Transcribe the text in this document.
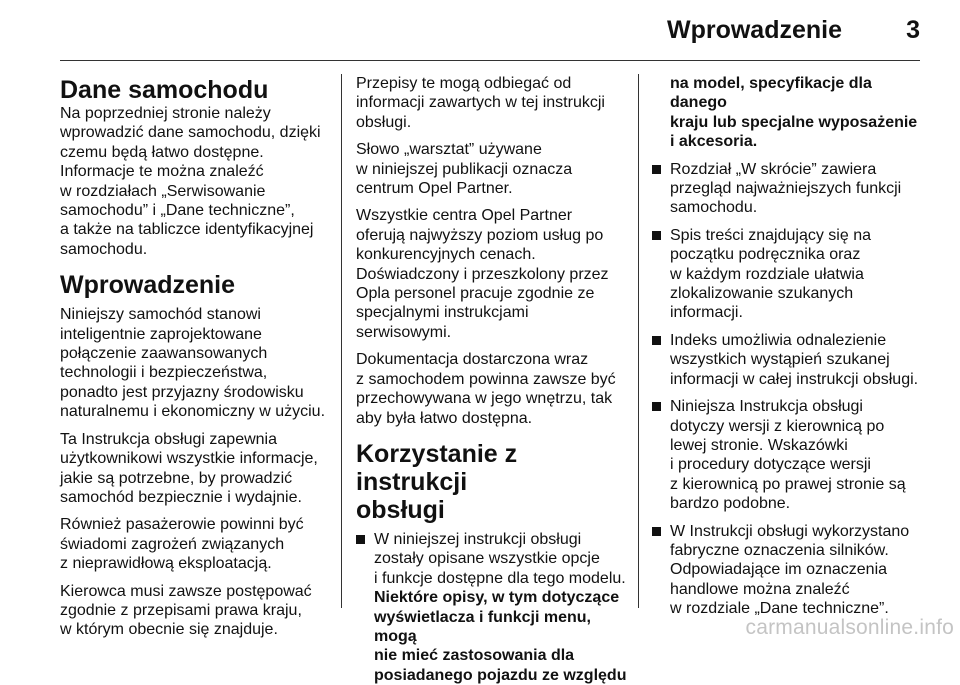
Wprowadzenie	3
Dane samochodu

Na poprzedniej stronie należy
wprowadzić dane samochodu, dzięki
czemu będą łatwo dostępne.
Informacje te można znaleźć
w rozdziałach „Serwisowanie
samochodu” i „Dane techniczne”,
a także na tabliczce identyfikacyjnej
samochodu.

Wprowadzenie

Niniejszy samochód stanowi
inteligentnie zaprojektowane
połączenie zaawansowanych
technologii i bezpieczeństwa,
ponadto jest przyjazny środowisku
naturalnemu i ekonomiczny w użyciu.

Ta Instrukcja obsługi zapewnia
użytkownikowi wszystkie informacje,
jakie są potrzebne, by prowadzić
samochód bezpiecznie i wydajnie.

Również pasażerowie powinni być
świadomi zagrożeń związanych
z nieprawidłową eksploatacją.

Kierowca musi zawsze postępować
zgodnie z przepisami prawa kraju,
w którym obecnie się znajduje.

Przepisy te mogą odbiegać od
informacji zawartych w tej instrukcji
obsługi.

Słowo „warsztat” używane
w niniejszej publikacji oznacza
centrum Opel Partner.

Wszystkie centra Opel Partner
oferują najwyższy poziom usług po
konkurencyjnych cenach.
Doświadczony i przeszkolony przez
Opla personel pracuje zgodnie ze
specjalnymi instrukcjami
serwisowymi.

Dokumentacja dostarczona wraz
z samochodem powinna zawsze być
przechowywana w jego wnętrzu, tak
aby była łatwo dostępna.

Korzystanie z instrukcji
obsługi
W niniejszej instrukcji obsługi
zostały opisane wszystkie opcje
i funkcje dostępne dla tego modelu.
Niektóre opisy, w tym dotyczące
wyświetlacza i funkcji menu, mogą
nie mieć zastosowania dla
posiadanego pojazdu ze względu
na model, specyfikacje dla danego
kraju lub specjalne wyposażenie
i akcesoria.
Rozdział „W skrócie” zawiera
przegląd najważniejszych funkcji
samochodu.
Spis treści znajdujący się na
początku podręcznika oraz
w każdym rozdziale ułatwia
zlokalizowanie szukanych
informacji.
Indeks umożliwia odnalezienie
wszystkich wystąpień szukanej
informacji w całej instrukcji obsługi.
Niniejsza Instrukcja obsługi
dotyczy wersji z kierownicą po
lewej stronie. Wskazówki
i procedury dotyczące wersji
z kierownicą po prawej stronie są
bardzo podobne.
W Instrukcji obsługi wykorzystano
fabryczne oznaczenia silników.
Odpowiadające im oznaczenia
handlowe można znaleźć
w rozdziale „Dane techniczne”.
carmanualsonline.info
